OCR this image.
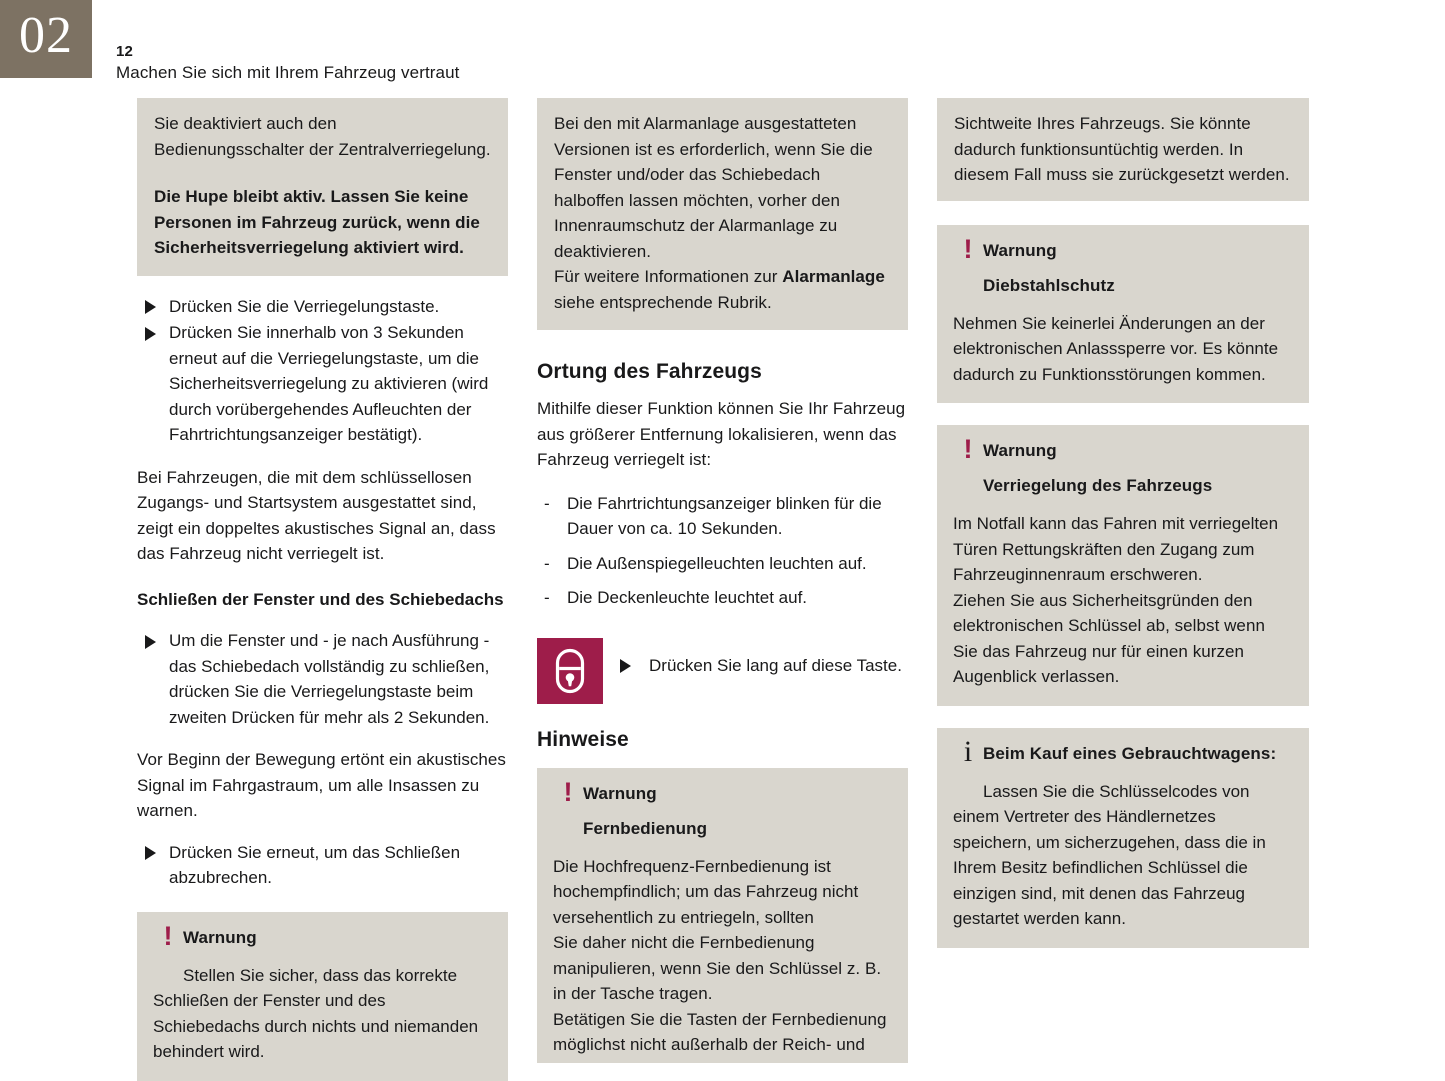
02	12
Machen Sie sich mit Ihrem Fahrzeug vertraut

Sie deaktiviert auch den Bedienungsschalter der Zentralverriegelung.

Die Hupe bleibt aktiv. Lassen Sie keine Personen im Fahrzeug zurück, wenn die Sicherheitsverriegelung aktiviert wird.

Drücken Sie die Verriegelungstaste.
Drücken Sie innerhalb von 3 Sekunden erneut auf die Verriegelungstaste, um die Sicherheitsverriegelung zu aktivieren (wird durch vorübergehendes Aufleuchten der Fahrtrichtungsanzeiger bestätigt).

Bei Fahrzeugen, die mit dem schlüssellosen Zugangs- und Startsystem ausgestattet sind, zeigt ein doppeltes akustisches Signal an, dass das Fahrzeug nicht verriegelt ist.

Schließen der Fenster und des Schiebedachs
Um die Fenster und - je nach Ausführung - das Schiebedach vollständig zu schließen, drücken Sie die Verriegelungstaste beim zweiten Drücken für mehr als 2 Sekunden.

Vor Beginn der Bewegung ertönt ein akustisches Signal im Fahrgastraum, um alle Insassen zu warnen.

Drücken Sie erneut, um das Schließen abzubrechen.
! Warnung
Stellen Sie sicher, dass das korrekte Schließen der Fenster und des Schiebedachs durch nichts und niemanden behindert wird.

Bei den mit Alarmanlage ausgestatteten Versionen ist es erforderlich, wenn Sie die Fenster und/oder das Schiebedach halboffen lassen möchten, vorher den Innenraumschutz der Alarmanlage zu deaktivieren.

Für weitere Informationen zur Alarmanlage siehe entsprechende Rubrik.

Ortung des Fahrzeugs

Mithilfe dieser Funktion können Sie Ihr Fahrzeug aus größerer Entfernung lokalisieren, wenn das Fahrzeug verriegelt ist:

- Die Fahrtrichtungsanzeiger blinken für die Dauer von ca. 10 Sekunden.
- Die Außenspiegelleuchten leuchten auf.
- Die Deckenleuchte leuchtet auf.
Drücken Sie lang auf diese Taste.
Hinweise
! Warnung
Fernbedienung
Die Hochfrequenz-Fernbedienung ist hochempfindlich; um das Fahrzeug nicht versehentlich zu entriegeln, sollten
Sie daher nicht die Fernbedienung manipulieren, wenn Sie den Schlüssel z. B. in der Tasche tragen.
Betätigen Sie die Tasten der Fernbedienung möglichst nicht außerhalb der Reich- und

Sichtweite Ihres Fahrzeugs. Sie könnte dadurch funktionsuntüchtig werden. In diesem Fall muss sie zurückgesetzt werden.

! Warnung
Diebstahlschutz
Nehmen Sie keinerlei Änderungen an der elektronischen Anlasssperre vor. Es könnte dadurch zu Funktionsstörungen kommen.
! Warnung
Verriegelung des Fahrzeugs
Im Notfall kann das Fahren mit verriegelten Türen Rettungskräften den Zugang zum Fahrzeuginnenraum erschweren.
Ziehen Sie aus Sicherheitsgründen den elektronischen Schlüssel ab, selbst wenn Sie das Fahrzeug nur für einen kurzen Augenblick verlassen.
i Beim Kauf eines Gebrauchtwagens:
Lassen Sie die Schlüsselcodes von einem Vertreter des Händlernetzes speichern, um sicherzugehen, dass die in Ihrem Besitz befindlichen Schlüssel die einzigen sind, mit denen das Fahrzeug gestartet werden kann.
